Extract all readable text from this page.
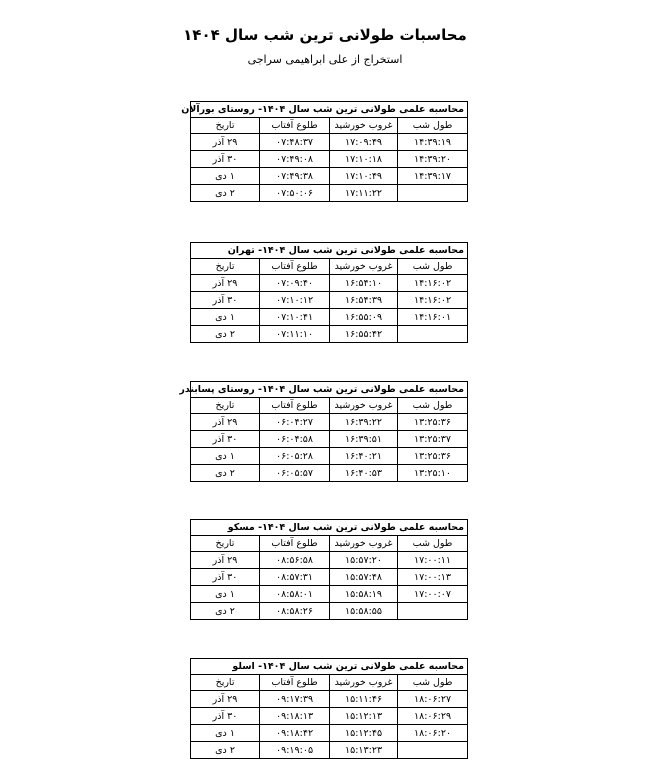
محاسبات طولانی ترین شب سال ۱۴۰۴
استخراج از علی ابراهیمی سراجی
محاسبه علمی طولانی ترین شب سال ۱۴۰۴- روستای بورآلان			
طول شب	غروب خورشید	طلوع آفتاب	تاریخ
۱۴:۳۹:۱۹	۱۷:۰۹:۴۹	۰۷:۴۸:۳۷	۲۹ آذر
۱۴:۳۹:۲۰	۱۷:۱۰:۱۸	۰۷:۴۹:۰۸	۳۰ آذر
۱۴:۳۹:۱۷	۱۷:۱۰:۴۹	۰۷:۴۹:۳۸	۱ دی
	۱۷:۱۱:۲۲	۰۷:۵۰:۰۶	۲ دی
محاسبه علمی طولانی ترین شب سال ۱۴۰۴- تهران			
طول شب	غروب خورشید	طلوع آفتاب	تاریخ
۱۴:۱۶:۰۲	۱۶:۵۴:۱۰	۰۷:۰۹:۴۰	۲۹ آذر
۱۴:۱۶:۰۲	۱۶:۵۴:۳۹	۰۷:۱۰:۱۲	۳۰ آذر
۱۴:۱۶:۰۱	۱۶:۵۵:۰۹	۰۷:۱۰:۴۱	۱ دی
	۱۶:۵۵:۴۲	۰۷:۱۱:۱۰	۲ دی
محاسبه علمی طولانی ترین شب سال ۱۴۰۴- روستای پسابندر			
طول شب	غروب خورشید	طلوع آفتاب	تاریخ
۱۳:۲۵:۳۶	۱۶:۳۹:۲۲	۰۶:۰۴:۲۷	۲۹ آذر
۱۳:۲۵:۳۷	۱۶:۳۹:۵۱	۰۶:۰۴:۵۸	۳۰ آذر
۱۳:۲۵:۳۶	۱۶:۴۰:۲۱	۰۶:۰۵:۲۸	۱ دی
۱۳:۲۵:۱۰	۱۶:۴۰:۵۳	۰۶:۰۵:۵۷	۲ دی
محاسبه علمی طولانی ترین شب سال ۱۴۰۴- مسکو			
طول شب	غروب خورشید	طلوع آفتاب	تاریخ
۱۷:۰۰:۱۱	۱۵:۵۷:۲۰	۰۸:۵۶:۵۸	۲۹ آذر
۱۷:۰۰:۱۳	۱۵:۵۷:۴۸	۰۸:۵۷:۳۱	۳۰ آذر
۱۷:۰۰:۰۷	۱۵:۵۸:۱۹	۰۸:۵۸:۰۱	۱ دی
	۱۵:۵۸:۵۵	۰۸:۵۸:۲۶	۲ دی
محاسبه علمی طولانی ترین شب سال ۱۴۰۴- اسلو			
طول شب	غروب خورشید	طلوع آفتاب	تاریخ
۱۸:۰۶:۲۷	۱۵:۱۱:۴۶	۰۹:۱۷:۳۹	۲۹ آذر
۱۸:۰۶:۲۹	۱۵:۱۲:۱۳	۰۹:۱۸:۱۳	۳۰ آذر
۱۸:۰۶:۲۰	۱۵:۱۲:۴۵	۰۹:۱۸:۴۲	۱ دی
	۱۵:۱۳:۲۳	۰۹:۱۹:۰۵	۲ دی
